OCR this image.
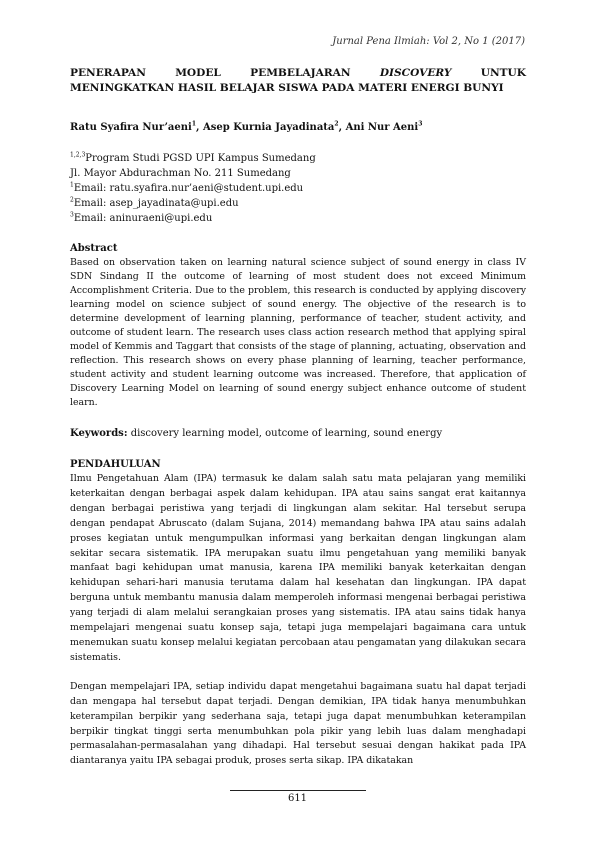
Jurnal Pena Ilmiah: Vol 2, No 1 (2017)
PENERAPAN MODEL PEMBELAJARAN DISCOVERY UNTUK MENINGKATKAN HASIL BELAJAR SISWA PADA MATERI ENERGI BUNYI
Ratu Syafira Nur’aeni$^1$, Asep Kurnia Jayadinata$^2$, Ani Nur Aeni$^3$
$^{1,2,3}$Program Studi PGSD UPI Kampus Sumedang
Jl. Mayor Abdurachman No. 211 Sumedang
$^1$Email: ratu.syafira.nur’aeni@student.upi.edu
$^2$Email: asep_jayadinata@upi.edu
$^3$Email: aninuraeni@upi.edu

Abstract

Based on observation taken on learning natural science subject of sound energy in class IV SDN Sindang II the outcome of learning of most student does not exceed Minimum Accomplishment Criteria. Due to the problem, this research is conducted by applying discovery learning model on science subject of sound energy. The objective of the research is to determine development of learning planning, performance of teacher, student activity, and outcome of student learn. The research uses class action research method that applying spiral model of Kemmis and Taggart that consists of the stage of planning, actuating, observation and reflection. This research shows on every phase planning of learning, teacher performance, student activity and student learning outcome was increased. Therefore, that application of Discovery Learning Model on learning of sound energy subject enhance outcome of student learn.

Keywords: discovery learning model, outcome of learning, sound energy

PENDAHULUAN

Ilmu Pengetahuan Alam (IPA) termasuk ke dalam salah satu mata pelajaran yang memiliki keterkaitan dengan berbagai aspek dalam kehidupan. IPA atau sains sangat erat kaitannya dengan berbagai peristiwa yang terjadi di lingkungan alam sekitar. Hal tersebut serupa dengan pendapat Abruscato (dalam Sujana, 2014) memandang bahwa IPA atau sains adalah proses kegiatan untuk mengumpulkan informasi yang berkaitan dengan lingkungan alam sekitar secara sistematik. IPA merupakan suatu ilmu pengetahuan yang memiliki banyak manfaat bagi kehidupan umat manusia, karena IPA memiliki banyak keterkaitan dengan kehidupan sehari-hari manusia terutama dalam hal kesehatan dan lingkungan. IPA dapat berguna untuk membantu manusia dalam memperoleh informasi mengenai berbagai peristiwa yang terjadi di alam melalui serangkaian proses yang sistematis. IPA atau sains tidak hanya mempelajari mengenai suatu konsep saja, tetapi juga mempelajari bagaimana cara untuk menemukan suatu konsep melalui kegiatan percobaan atau pengamatan yang dilakukan secara sistematis.

Dengan mempelajari IPA, setiap individu dapat mengetahui bagaimana suatu hal dapat terjadi dan mengapa hal tersebut dapat terjadi. Dengan demikian, IPA tidak hanya menumbuhkan keterampilan berpikir yang sederhana saja, tetapi juga dapat menumbuhkan keterampilan berpikir tingkat tinggi serta menumbuhkan pola pikir yang lebih luas dalam menghadapi permasalahan-permasalahan yang dihadapi. Hal tersebut sesuai dengan hakikat pada IPA diantaranya yaitu IPA sebagai produk, proses serta sikap. IPA dikatakan

611
